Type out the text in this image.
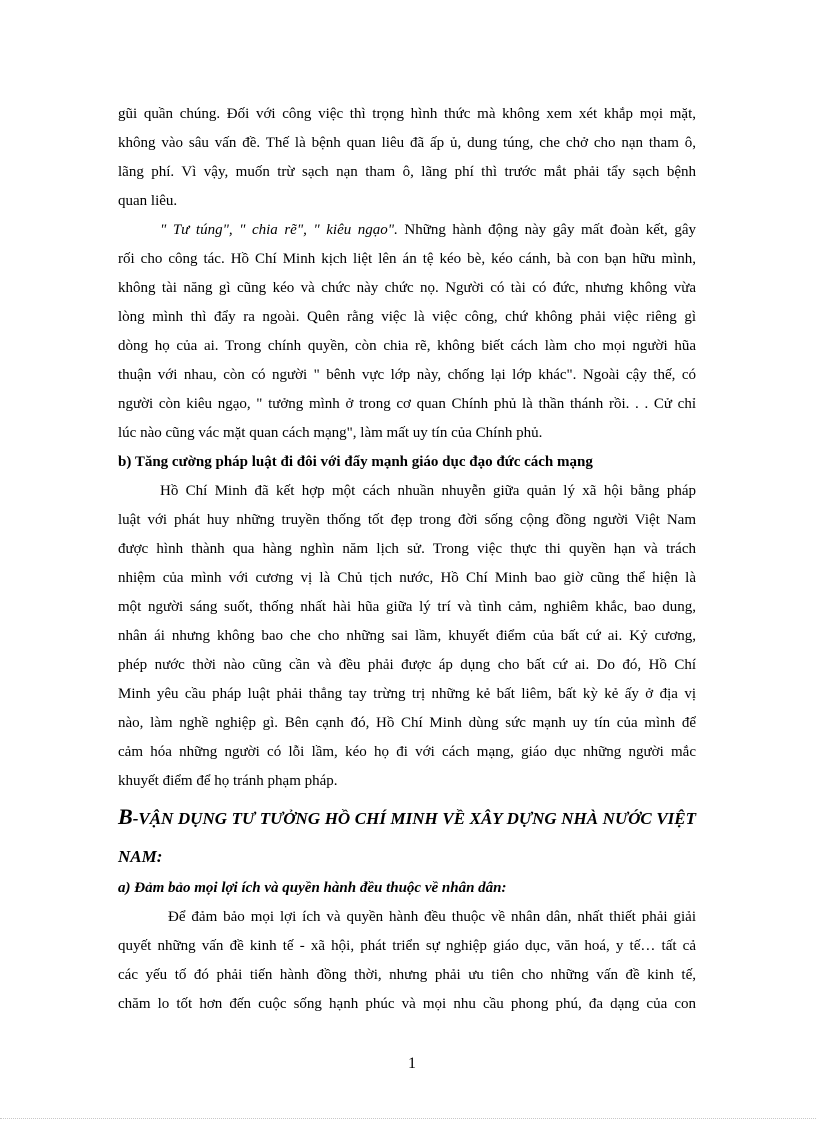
gũi quần chúng. Đối với công việc thì trọng hình thức mà không xem xét khắp mọi mặt,
không vào sâu vấn đề. Thế là bệnh quan liêu đã ấp ủ, dung túng, che chở cho nạn tham ô,
lãng phí. Vì vậy, muốn trừ sạch nạn tham ô, lãng phí thì trước mắt phải tẩy sạch bệnh
quan liêu.
" Tư túng", " chia rẽ", " kiêu ngạo". Những hành động này gây mất đoàn kết, gây
rối cho công tác. Hồ Chí Minh kịch liệt lên án tệ kéo bè, kéo cánh, bà con bạn hữu mình,
không tài năng gì cũng kéo và chức này chức nọ. Người có tài có đức, nhưng không vừa
lòng mình thì đẩy ra ngoài. Quên rằng việc là việc công, chứ không phải việc riêng gì
dòng họ của ai. Trong chính quyền, còn chia rẽ, không biết cách làm cho mọi người hũa
thuận với nhau, còn có người " bênh vực lớp này, chống lại lớp khác". Ngoài cậy thế, có
người còn kiêu ngạo, " tưởng mình ở trong cơ quan Chính phủ là thần thánh rồi. . . Cử chỉ
lúc nào cũng vác mặt quan cách mạng", làm mất uy tín của Chính phủ.
b) Tăng cường pháp luật đi đôi với đẩy mạnh giáo dục đạo đức cách mạng
Hồ Chí Minh đã kết hợp một cách nhuần nhuyễn giữa quản lý xã hội bằng pháp
luật với phát huy những truyền thống tốt đẹp trong đời sống cộng đồng người Việt Nam
được hình thành qua hàng nghìn năm lịch sử. Trong việc thực thi quyền hạn và trách
nhiệm của mình với cương vị là Chủ tịch nước, Hồ Chí Minh bao giờ cũng thể hiện là
một người sáng suốt, thống nhất hài hũa giữa lý trí và tình cảm, nghiêm khắc, bao dung,
nhân ái nhưng không bao che cho những sai lầm, khuyết điểm của bất cứ ai. Kỷ cương,
phép nước thời nào cũng cần và đều phải được áp dụng cho bất cứ ai. Do đó, Hồ Chí
Minh yêu cầu pháp luật phải thẳng tay trừng trị những kẻ bất liêm, bất kỳ kẻ ấy ở địa vị
nào, làm nghề nghiệp gì. Bên cạnh đó, Hồ Chí Minh dùng sức mạnh uy tín của mình để
cảm hóa những người có lỗi lầm, kéo họ đi với cách mạng, giáo dục những người mắc
khuyết điểm để họ tránh phạm pháp.
B-VẬN DỤNG TƯ TƯỞNG HỒ CHÍ MINH VỀ XÂY DỰNG NHÀ NƯỚC VIỆT
NAM:
a) Đảm bảo mọi lợi ích và quyền hành đều thuộc về nhân dân:
Để đảm bảo mọi lợi ích và quyền hành đều thuộc về nhân dân, nhất thiết phải giải
quyết những vấn đề kinh tế - xã hội, phát triển sự nghiệp giáo dục, văn hoá, y tế… tất cả
các yếu tố đó phải tiến hành đồng thời, nhưng phải ưu tiên cho những vấn đề kinh tế,
chăm lo tốt hơn đến cuộc sống hạnh phúc và mọi nhu cầu phong phú, đa dạng của con
1
